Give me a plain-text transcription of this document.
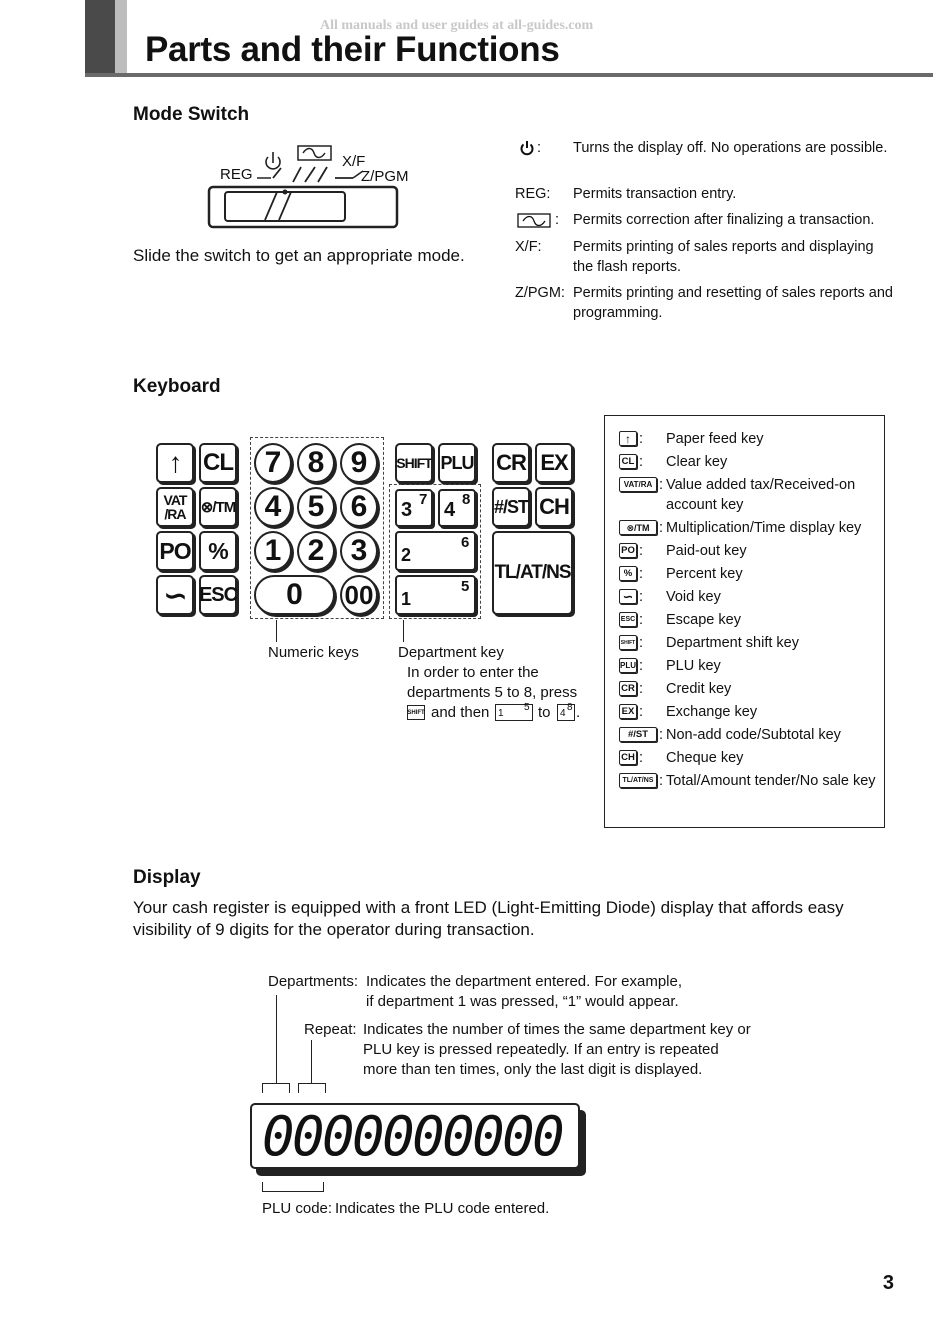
All manuals and user guides at all-guides.com
Parts and their Functions
Mode Switch
REG
X/F
Z/PGM
Slide the switch to get an appropriate mode.
: Turns the display off. No operations are possible.
REG: Permits transaction entry.
: Permits correction after finalizing a transaction.
X/F: Permits printing of sales reports and displaying the flash reports.
Z/PGM: Permits printing and resetting of sales reports and programming.
Keyboard
↑ CL
VAT
/RA	⊗/TM
PO %
∽ ESC
7 8 9
4 5 6
1 2 3
0	00
SHIFT PLU
3 7 4 8
2
6
1
5
CR EX
#/ST CH
TL/AT/NS
Numeric keys	Department key
In order to enter the
departments 5 to 8, press
SHIFT and then 1
5 to 4
8 .
↑ : Paper feed key
CL : Clear key
VAT/RA : Value added tax/Received-on account key
⊗/TM : Multiplication/Time display key
PO : Paid-out key
% : Percent key
∽ : Void key
ESC : Escape key
SHIFT : Department shift key
PLU : PLU key
CR : Credit key
EX : Exchange key
#/ST : Non-add code/Subtotal key
CH : Cheque key
TL/AT/NS : Total/Amount tender/No sale key
Display
Your cash register is equipped with a front LED (Light-Emitting Diode) display that affords easy visibility of 9 digits for the operator during transaction.
Departments: Indicates the department entered. For example,
if department 1 was pressed, “1” would appear.
Repeat: Indicates the number of times the same department key or
PLU key is pressed repeatedly. If an entry is repeated
more than ten times, only the last digit is displayed.
0000000000
PLU code: Indicates the PLU code entered.
3
